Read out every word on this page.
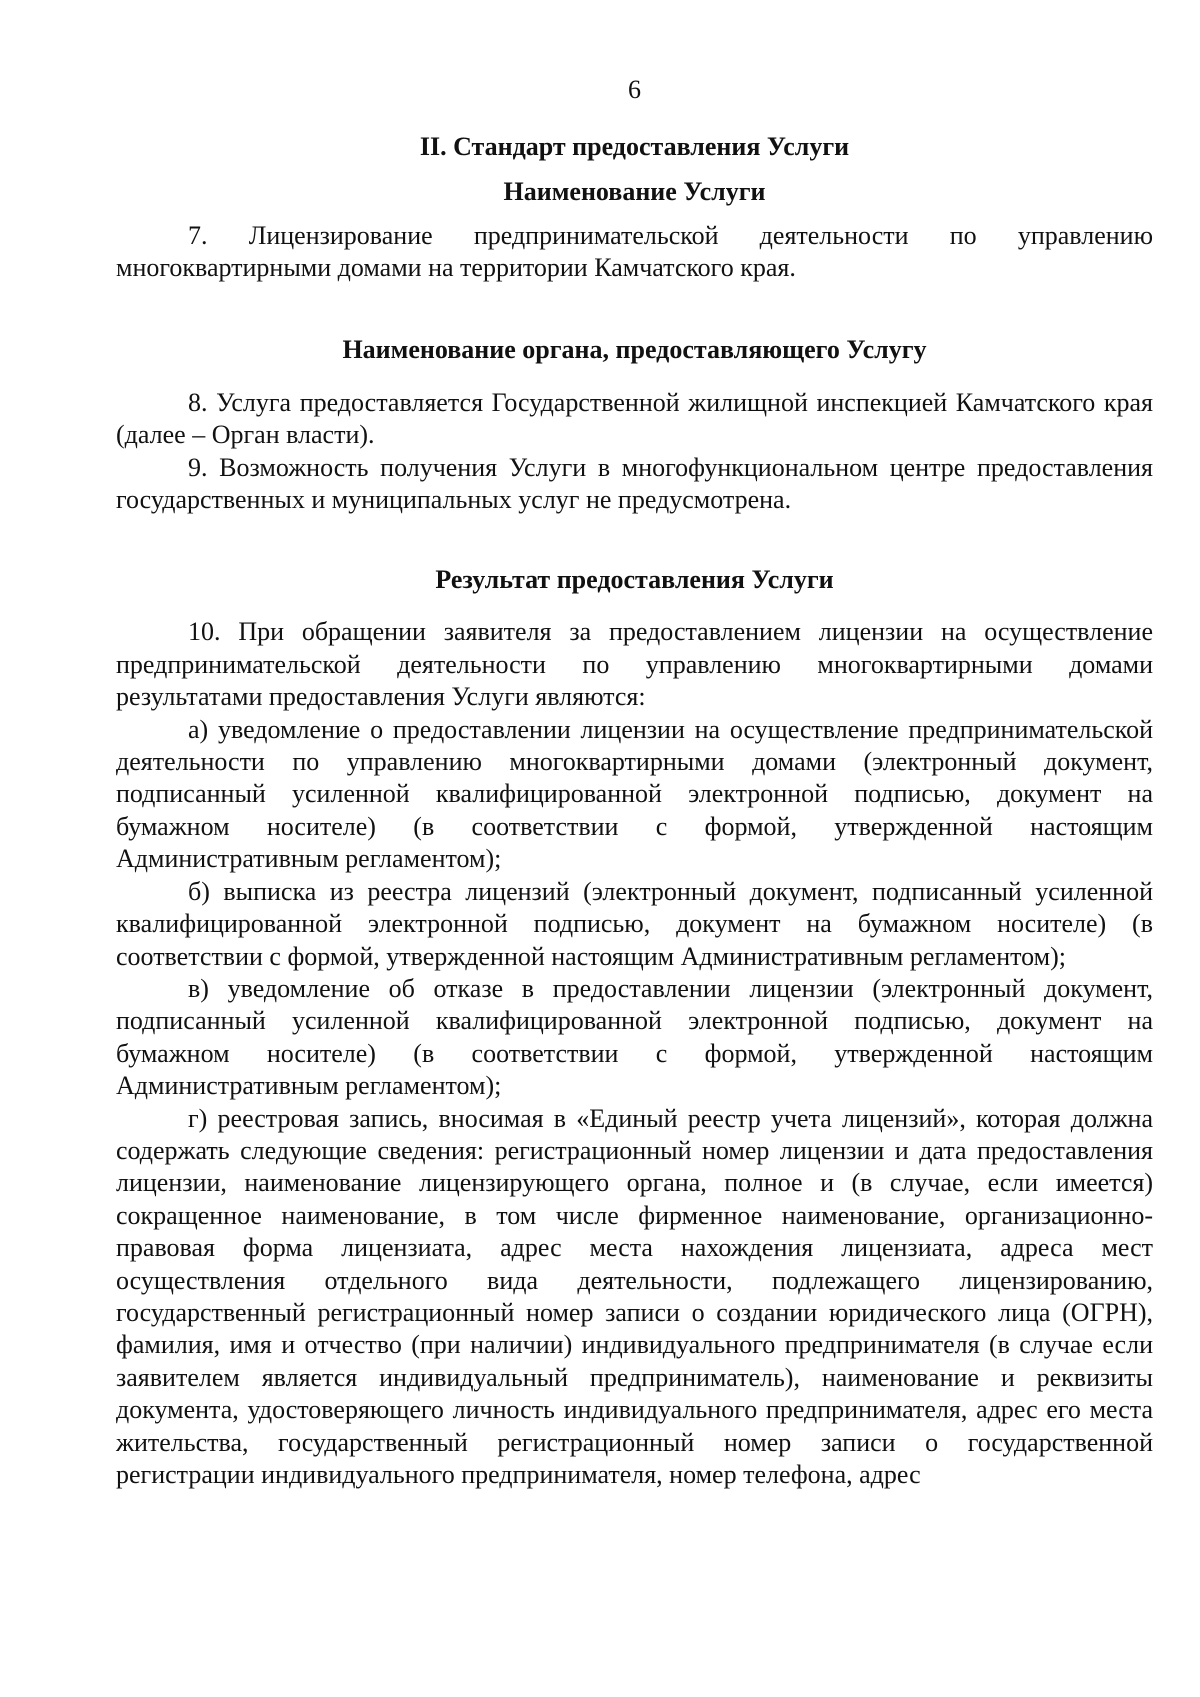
6
II. Стандарт предоставления Услуги
Наименование Услуги

7. Лицензирование предпринимательской деятельности по управлению многоквартирными домами на территории Камчатского края.

Наименование органа, предоставляющего Услугу

8. Услуга предоставляется Государственной жилищной инспекцией Камчатского края (далее – Орган власти).

9. Возможность получения Услуги в многофункциональном центре предоставления государственных и муниципальных услуг не предусмотрена.

Результат предоставления Услуги

10. При обращении заявителя за предоставлением лицензии на осуществление предпринимательской деятельности по управлению многоквартирными домами результатами предоставления Услуги являются:

а) уведомление о предоставлении лицензии на осуществление предпринимательской деятельности по управлению многоквартирными домами (электронный документ, подписанный усиленной квалифицированной электронной подписью, документ на бумажном носителе) (в соответствии с формой, утвержденной настоящим Административным регламентом);

б) выписка из реестра лицензий (электронный документ, подписанный усиленной квалифицированной электронной подписью, документ на бумажном носителе) (в соответствии с формой, утвержденной настоящим Административным регламентом);

в) уведомление об отказе в предоставлении лицензии (электронный документ, подписанный усиленной квалифицированной электронной подписью, документ на бумажном носителе) (в соответствии с формой, утвержденной настоящим Административным регламентом);

г) реестровая запись, вносимая в «Единый реестр учета лицензий», которая должна содержать следующие сведения: регистрационный номер лицензии и дата предоставления лицензии, наименование лицензирующего органа, полное и (в случае, если имеется) сокращенное наименование, в том числе фирменное наименование, организационно-правовая форма лицензиата, адрес места нахождения лицензиата, адреса мест осуществления отдельного вида деятельности, подлежащего лицензированию, государственный регистрационный номер записи о создании юридического лица (ОГРН), фамилия, имя и отчество (при наличии) индивидуального предпринимателя (в случае если заявителем является индивидуальный предприниматель), наименование и реквизиты документа, удостоверяющего личность индивидуального предпринимателя, адрес его места жительства, государственный регистрационный номер записи о государственной регистрации индивидуального предпринимателя, номер телефона, адрес
